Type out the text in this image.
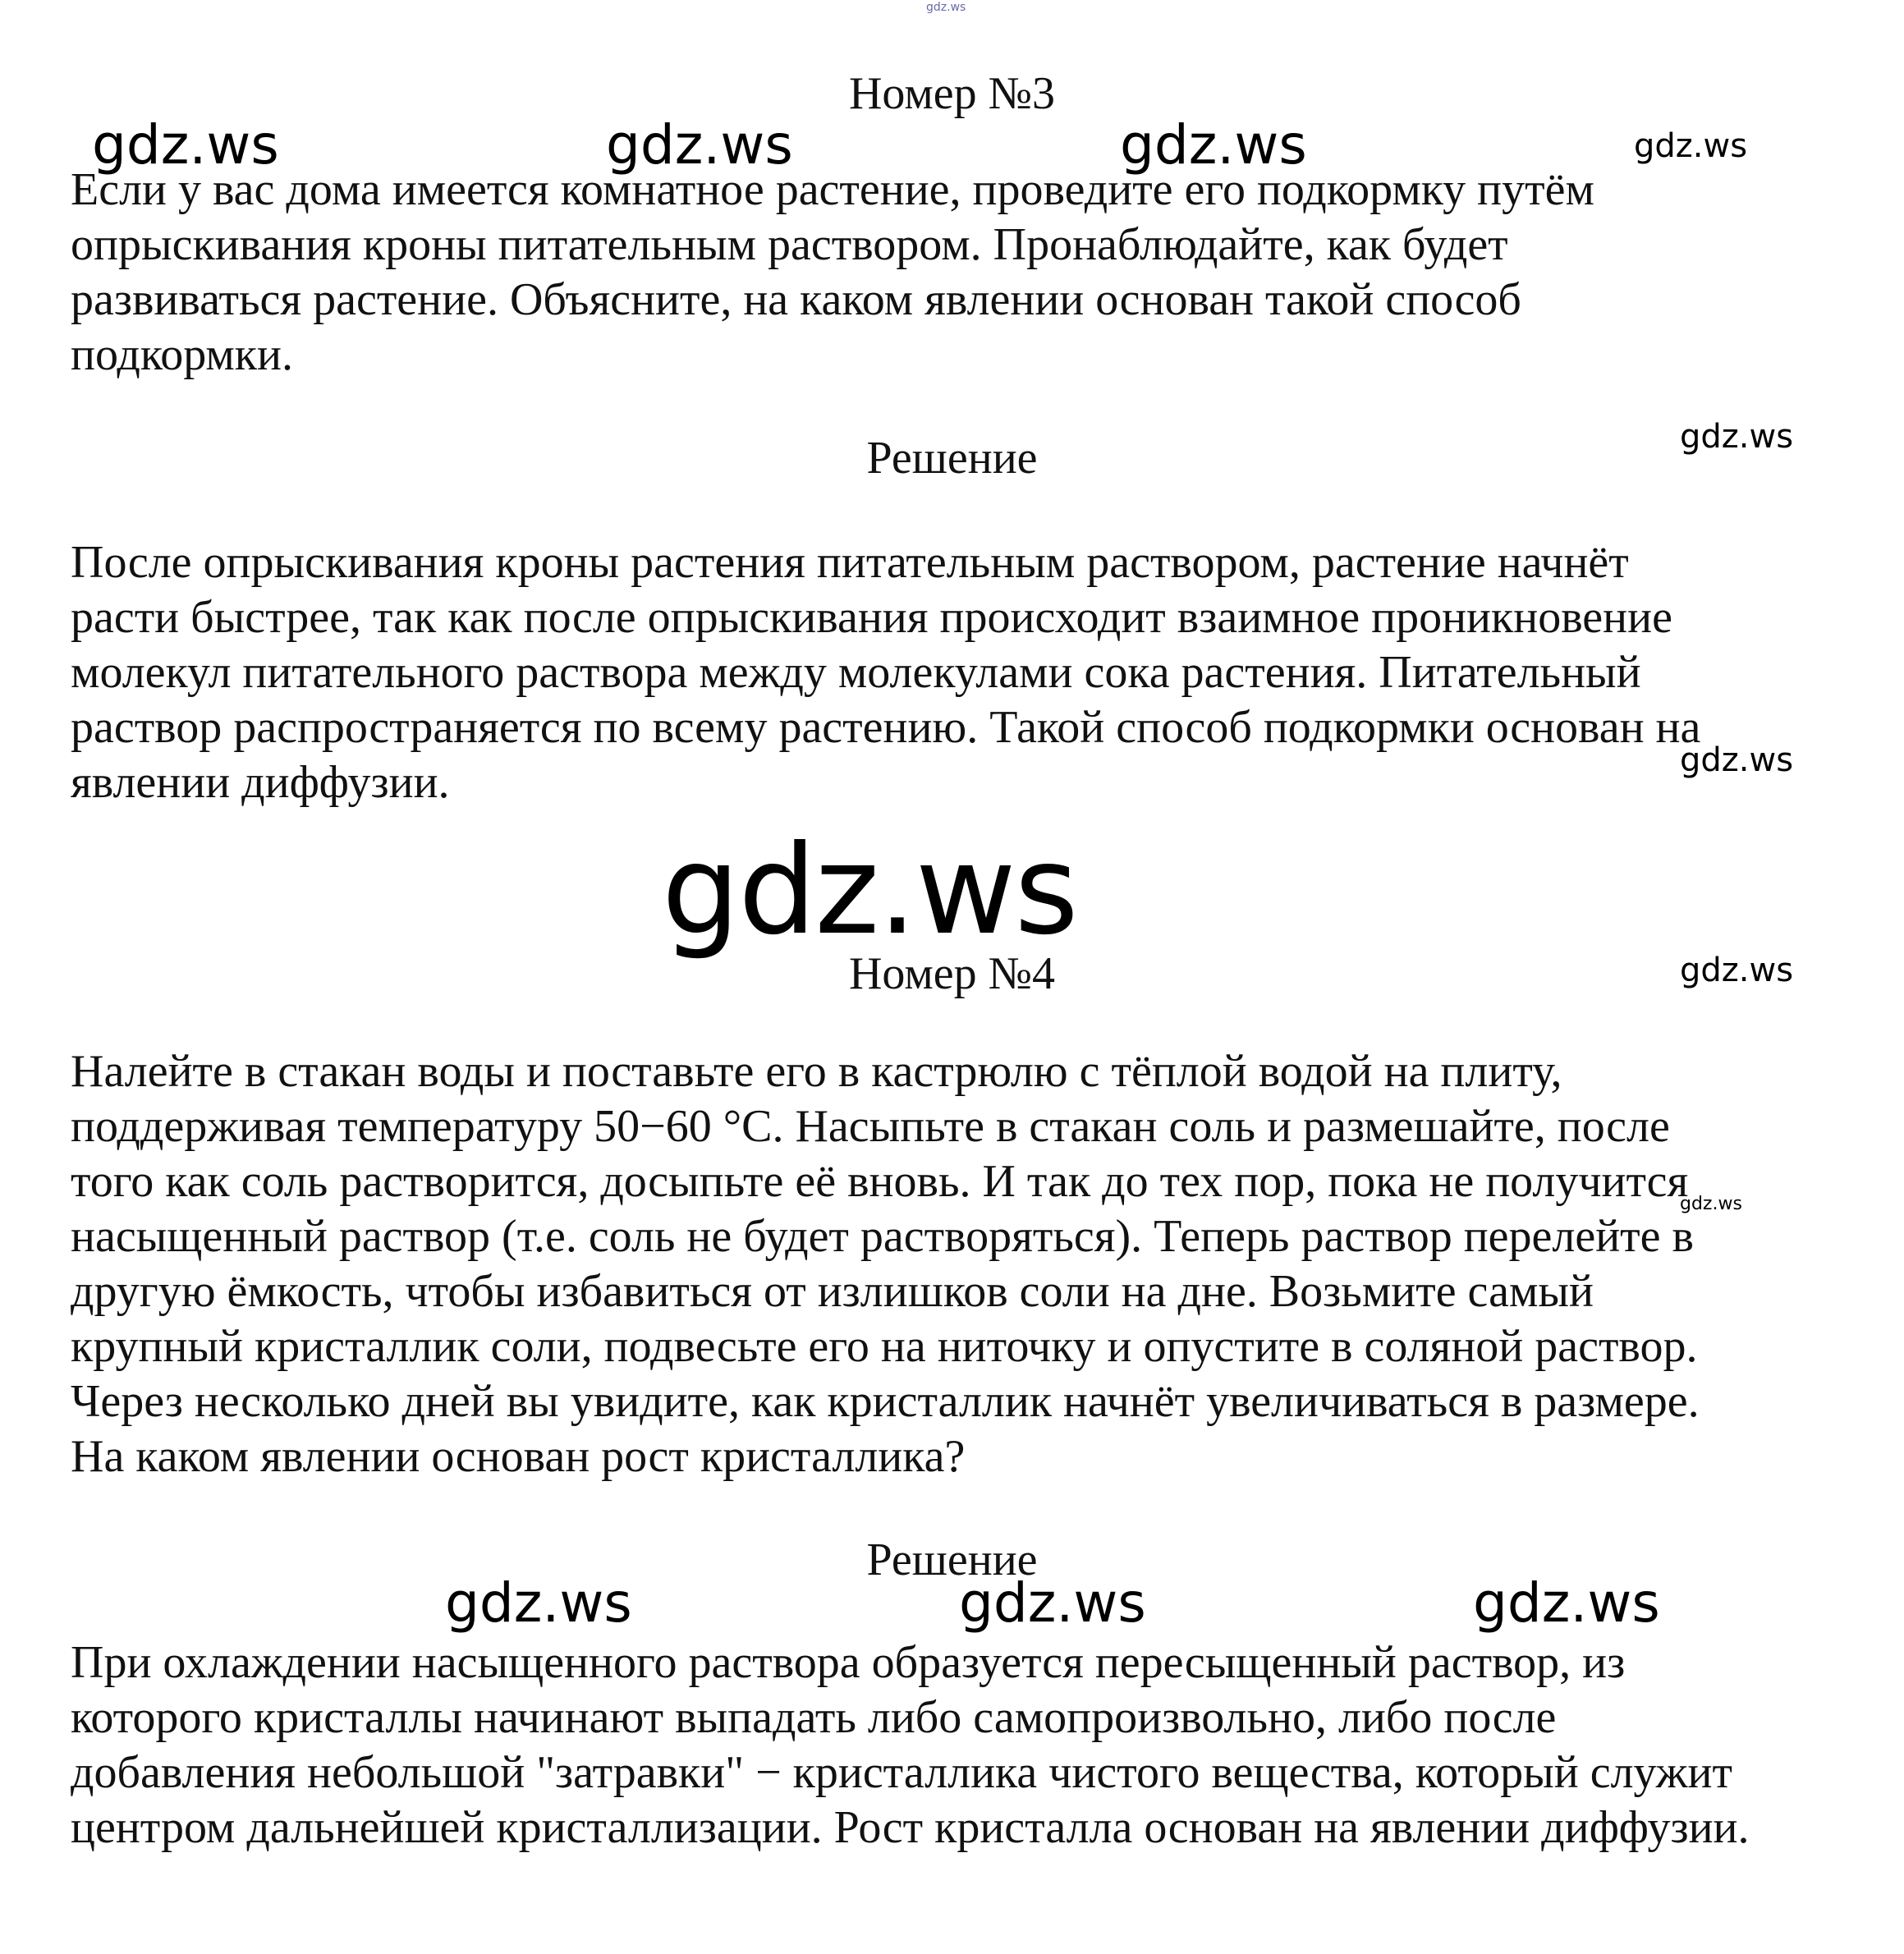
Номер №3
Если у вас дома имеется комнатное растение, проведите его подкормку путём
опрыскивания кроны питательным раствором. Пронаблюдайте, как будет
развиваться растение. Объясните, на каком явлении основан такой способ
подкормки.
Решение
После опрыскивания кроны растения питательным раствором, растение начнёт
расти быстрее, так как после опрыскивания происходит взаимное проникновение
молекул питательного раствора между молекулами сока растения. Питательный
раствор распространяется по всему растению. Такой способ подкормки основан на
явлении диффузии.
Номер №4
Налейте в стакан воды и поставьте его в кастрюлю с тёплой водой на плиту,
поддерживая температуру 50−60 °C. Насыпьте в стакан соль и размешайте, после
того как соль растворится, досыпьте её вновь. И так до тех пор, пока не получится
насыщенный раствор (т.е. соль не будет растворяться). Теперь раствор перелейте в
другую ёмкость, чтобы избавиться от излишков соли на дне. Возьмите самый
крупный кристаллик соли, подвесьте его на ниточку и опустите в соляной раствор.
Через несколько дней вы увидите, как кристаллик начнёт увеличиваться в размере.
На каком явлении основан рост кристаллика?
Решение
При охлаждении насыщенного раствора образуется пересыщенный раствор, из
которого кристаллы начинают выпадать либо самопроизвольно, либо после
добавления небольшой "затравки" − кристаллика чистого вещества, который служит
центром дальнейшей кристаллизации. Рост кристалла основан на явлении диффузии.
gdz.ws
gdz.ws	gdz.ws	gdz.ws	gdz.ws
gdz.ws
gdz.ws
gdz.ws
gdz.ws
gdz.ws
gdz.ws	gdz.ws	gdz.ws
